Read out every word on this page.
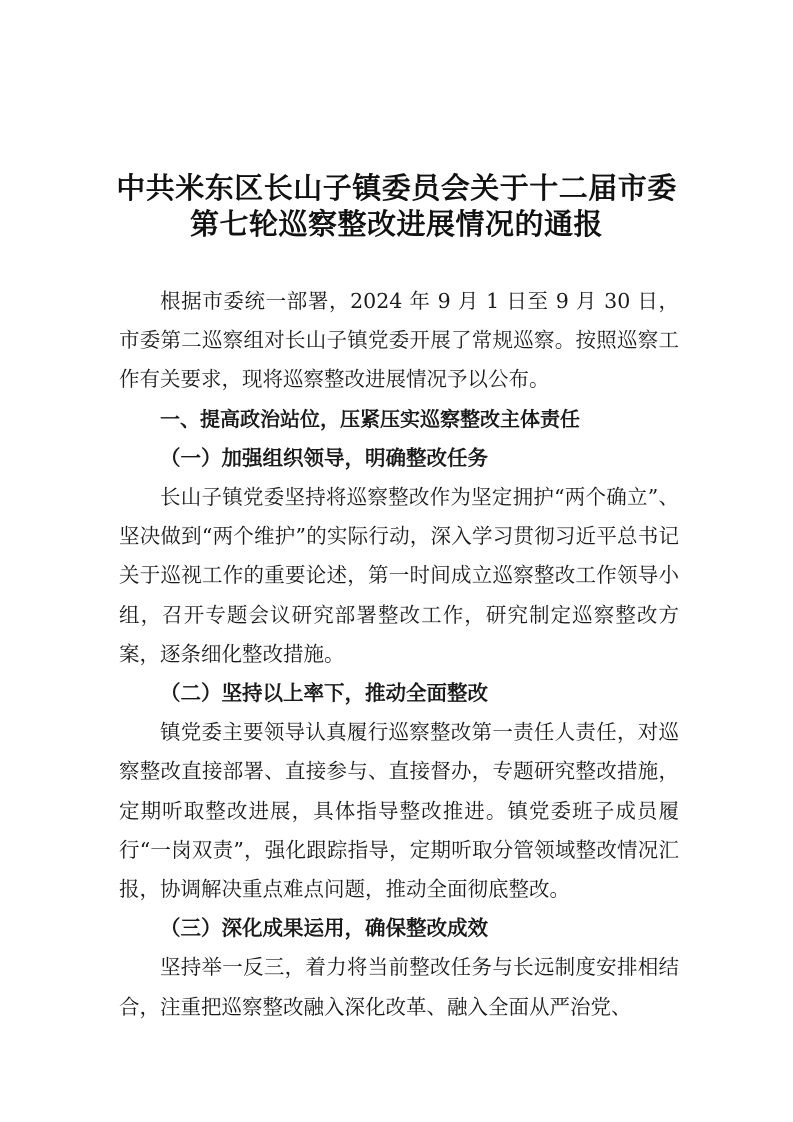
中共米东区长山子镇委员会关于十二届市委
第七轮巡察整改进展情况的通报

根据市委统一部署，2024 年 9 月 1 日至 9 月 30 日，市委第二巡察组对长山子镇党委开展了常规巡察。按照巡察工作有关要求，现将巡察整改进展情况予以公布。

一、提高政治站位，压紧压实巡察整改主体责任

（一）加强组织领导，明确整改任务

长山子镇党委坚持将巡察整改作为坚定拥护“两个确立”、坚决做到“两个维护”的实际行动，深入学习贯彻习近平总书记关于巡视工作的重要论述，第一时间成立巡察整改工作领导小组，召开专题会议研究部署整改工作，研究制定巡察整改方案，逐条细化整改措施。

（二）坚持以上率下，推动全面整改

镇党委主要领导认真履行巡察整改第一责任人责任，对巡察整改直接部署、直接参与、直接督办，专题研究整改措施，定期听取整改进展，具体指导整改推进。镇党委班子成员履行“一岗双责”，强化跟踪指导，定期听取分管领域整改情况汇报，协调解决重点难点问题，推动全面彻底整改。

（三）深化成果运用，确保整改成效

坚持举一反三，着力将当前整改任务与长远制度安排相结合，注重把巡察整改融入深化改革、融入全面从严治党、
